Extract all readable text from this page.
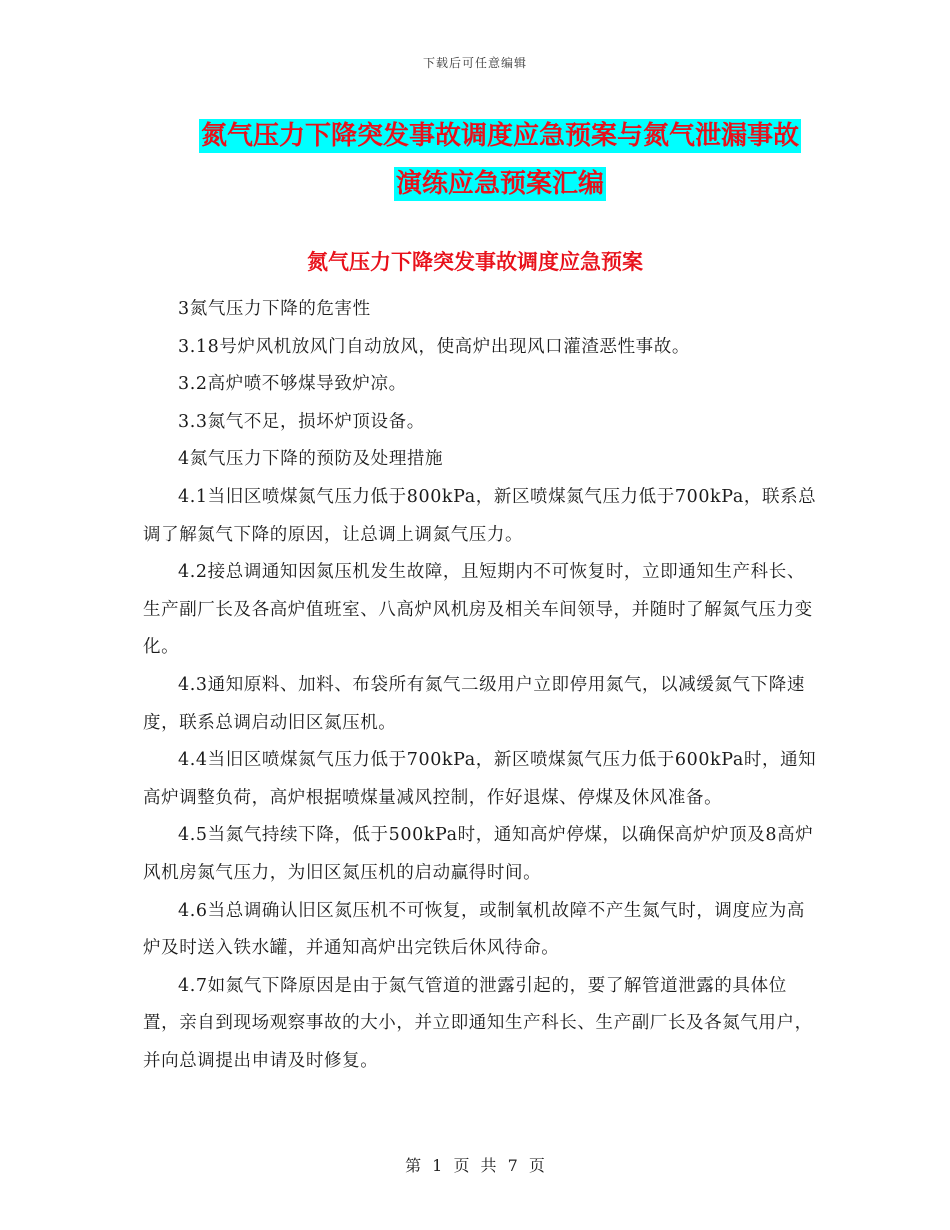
下载后可任意编辑
氮气压力下降突发事故调度应急预案与氮气泄漏事故
演练应急预案汇编
氮气压力下降突发事故调度应急预案

3氮气压力下降的危害性

3.18号炉风机放风门自动放风，使高炉出现风口灌渣恶性事故。

3.2高炉喷不够煤导致炉凉。

3.3氮气不足，损坏炉顶设备。

4氮气压力下降的预防及处理措施

4.1当旧区喷煤氮气压力低于800kPa，新区喷煤氮气压力低于700kPa，联系总调了解氮气下降的原因，让总调上调氮气压力。

4.2接总调通知因氮压机发生故障，且短期内不可恢复时，立即通知生产科长、生产副厂长及各高炉值班室、八高炉风机房及相关车间领导，并随时了解氮气压力变化。

4.3通知原料、加料、布袋所有氮气二级用户立即停用氮气，以减缓氮气下降速度，联系总调启动旧区氮压机。

4.4当旧区喷煤氮气压力低于700kPa，新区喷煤氮气压力低于600kPa时，通知高炉调整负荷，高炉根据喷煤量减风控制，作好退煤、停煤及休风准备。

4.5当氮气持续下降，低于500kPa时，通知高炉停煤，以确保高炉炉顶及8高炉风机房氮气压力，为旧区氮压机的启动赢得时间。

4.6当总调确认旧区氮压机不可恢复，或制氧机故障不产生氮气时，调度应为高炉及时送入铁水罐，并通知高炉出完铁后休风待命。

4.7如氮气下降原因是由于氮气管道的泄露引起的，要了解管道泄露的具体位置，亲自到现场观察事故的大小，并立即通知生产科长、生产副厂长及各氮气用户，并向总调提出申请及时修复。

第 1 页 共 7 页
